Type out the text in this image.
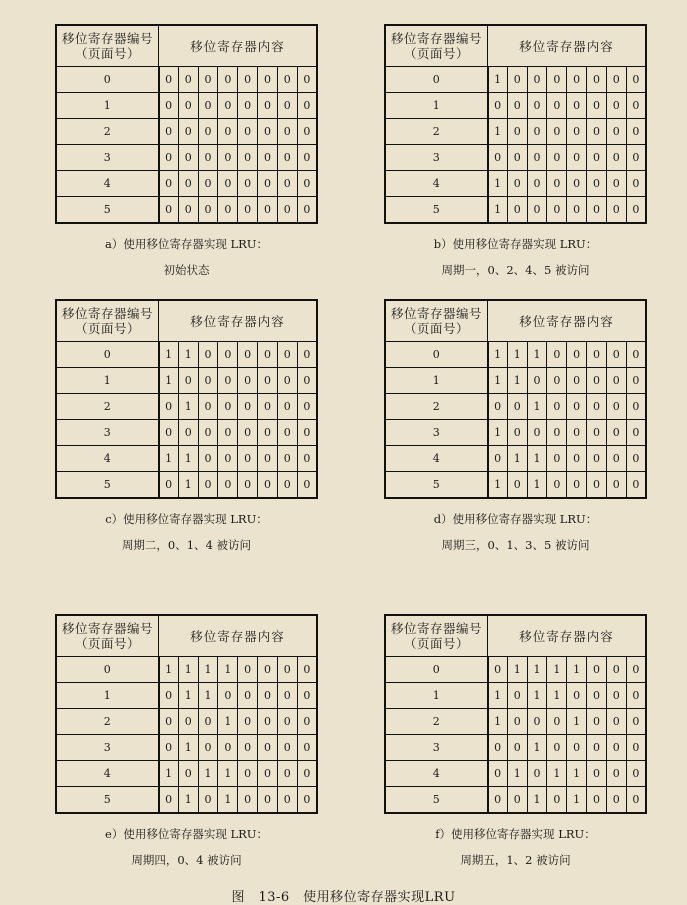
移位寄存器编号
（页面号）	移位寄存器内容							
0	0	0	0	0	0	0	0	0
1	0	0	0	0	0	0	0	0
2	0	0	0	0	0	0	0	0
3	0	0	0	0	0	0	0	0
4	0	0	0	0	0	0	0	0
5	0	0	0	0	0	0	0	0
a）使用移位寄存器实现 LRU：
初始状态
移位寄存器编号
（页面号）	移位寄存器内容							
0	1	0	0	0	0	0	0	0
1	0	0	0	0	0	0	0	0
2	1	0	0	0	0	0	0	0
3	0	0	0	0	0	0	0	0
4	1	0	0	0	0	0	0	0
5	1	0	0	0	0	0	0	0
b）使用移位寄存器实现 LRU：
周期一，0、2、4、5 被访问
移位寄存器编号
（页面号）	移位寄存器内容							
0	1	1	0	0	0	0	0	0
1	1	0	0	0	0	0	0	0
2	0	1	0	0	0	0	0	0
3	0	0	0	0	0	0	0	0
4	1	1	0	0	0	0	0	0
5	0	1	0	0	0	0	0	0
c）使用移位寄存器实现 LRU：
周期二，0、1、4 被访问
移位寄存器编号
（页面号）	移位寄存器内容							
0	1	1	1	0	0	0	0	0
1	1	1	0	0	0	0	0	0
2	0	0	1	0	0	0	0	0
3	1	0	0	0	0	0	0	0
4	0	1	1	0	0	0	0	0
5	1	0	1	0	0	0	0	0
d）使用移位寄存器实现 LRU：
周期三，0、1、3、5 被访问
移位寄存器编号
（页面号）	移位寄存器内容							
0	1	1	1	1	0	0	0	0
1	0	1	1	0	0	0	0	0
2	0	0	0	1	0	0	0	0
3	0	1	0	0	0	0	0	0
4	1	0	1	1	0	0	0	0
5	0	1	0	1	0	0	0	0
e）使用移位寄存器实现 LRU：
周期四，0、4 被访问
移位寄存器编号
（页面号）	移位寄存器内容							
0	0	1	1	1	1	0	0	0
1	1	0	1	1	0	0	0	0
2	1	0	0	0	1	0	0	0
3	0	0	1	0	0	0	0	0
4	0	1	0	1	1	0	0	0
5	0	0	1	0	1	0	0	0
f）使用移位寄存器实现 LRU：
周期五，1、2 被访问
图　13-6　使用移位寄存器实现LRU
